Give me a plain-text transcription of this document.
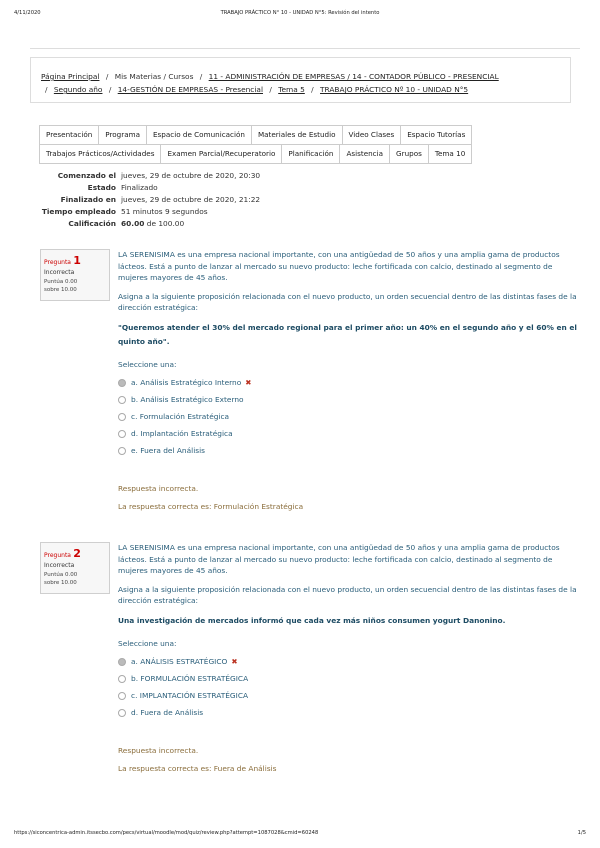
4/11/2020	TRABAJO PRÁCTICO N° 10 - UNIDAD N°5: Revisión del intento
Página Principal / Mis Materias / Cursos / 11 - ADMINISTRACIÓN DE EMPRESAS / 14 - CONTADOR PÚBLICO - PRESENCIAL
/ Segundo año / 14-GESTIÓN DE EMPRESAS - Presencial / Tema 5 / TRABAJO PRÁCTICO Nº 10 - UNIDAD N°5
Presentación	Programa	Espacio de Comunicación	Materiales de Estudio	Video Clases	Espacio Tutorías
Trabajos Prácticos/Actividades	Examen Parcial/Recuperatorio	Planificación	Asistencia	Grupos	Tema 10
Comenzado el jueves, 29 de octubre de 2020, 20:30
Estado Finalizado
Finalizado en jueves, 29 de octubre de 2020, 21:22
Tiempo empleado 51 minutos 9 segundos
Calificación 60.00 de 100.00
Pregunta 1
Incorrecta
Puntúa 0.00
sobre 10.00

LA SERENISIMA es una empresa nacional importante, con una antigüedad de 50 años y una amplia gama de productos lácteos. Está a punto de lanzar al mercado su nuevo producto: leche fortificada con calcio, destinado al segmento de mujeres mayores de 45 años.

Asigna a la siguiente proposición relacionada con el nuevo producto, un orden secuencial dentro de las distintas fases de la dirección estratégica:

"Queremos atender el 30% del mercado regional para el primer año: un 40% en el segundo año y el 60% en el quinto año".
Seleccione una:
a. Análisis Estratégico Interno ✖
b. Análisis Estratégico Externo
c. Formulación Estratégica
d. Implantación Estratégica
e. Fuera del Análisis
Respuesta incorrecta.
La respuesta correcta es: Formulación Estratégica
Pregunta 2
Incorrecta
Puntúa 0.00
sobre 10.00

LA SERENISIMA es una empresa nacional importante, con una antigüedad de 50 años y una amplia gama de productos lácteos. Está a punto de lanzar al mercado su nuevo producto: leche fortificada con calcio, destinado al segmento de mujeres mayores de 45 años.

Asigna a la siguiente proposición relacionada con el nuevo producto, un orden secuencial dentro de las distintas fases de la dirección estratégica:

Una investigación de mercados informó que cada vez más niños consumen yogurt Danonino.
Seleccione una:
a. ANÁLISIS ESTRATÉGICO ✖
b. FORMULACIÓN ESTRATÉGICA
c. IMPLANTACIÓN ESTRATÉGICA
d. Fuera de Análisis
Respuesta incorrecta.
La respuesta correcta es: Fuera de Análisis
https://siconcentrica-admin.itssecbo.com/pecs/virtual/moodle/mod/quiz/review.php?attempt=1087028&cmid=60248	1/5
